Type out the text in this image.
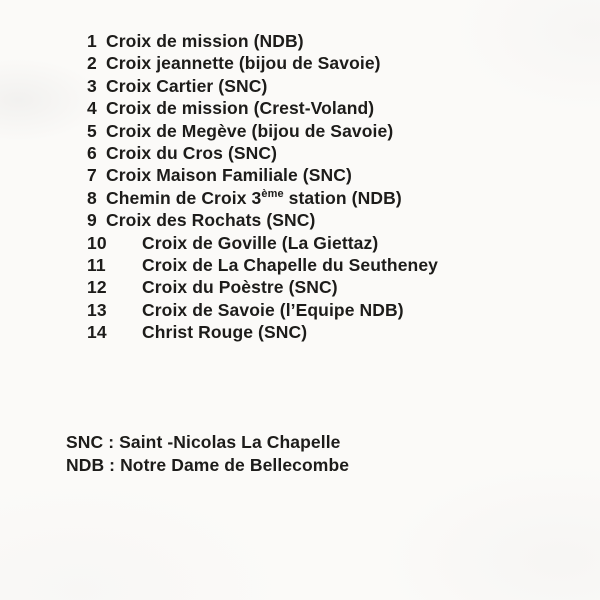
1 Croix de mission (NDB)
2 Croix jeannette (bijou de Savoie)
3 Croix Cartier (SNC)
4 Croix de mission (Crest-Voland)
5 Croix de Megève (bijou de Savoie)
6 Croix du Cros (SNC)
7 Croix Maison Familiale (SNC)
8 Chemin de Croix 3ème station (NDB)
9 Croix des Rochats (SNC)
10 Croix de Goville (La Giettaz)
11 Croix de La Chapelle du Seutheney
12 Croix du Poèstre (SNC)
13 Croix de Savoie (l’Equipe NDB)
14 Christ Rouge (SNC)
SNC : Saint -Nicolas La Chapelle
NDB : Notre Dame de Bellecombe
